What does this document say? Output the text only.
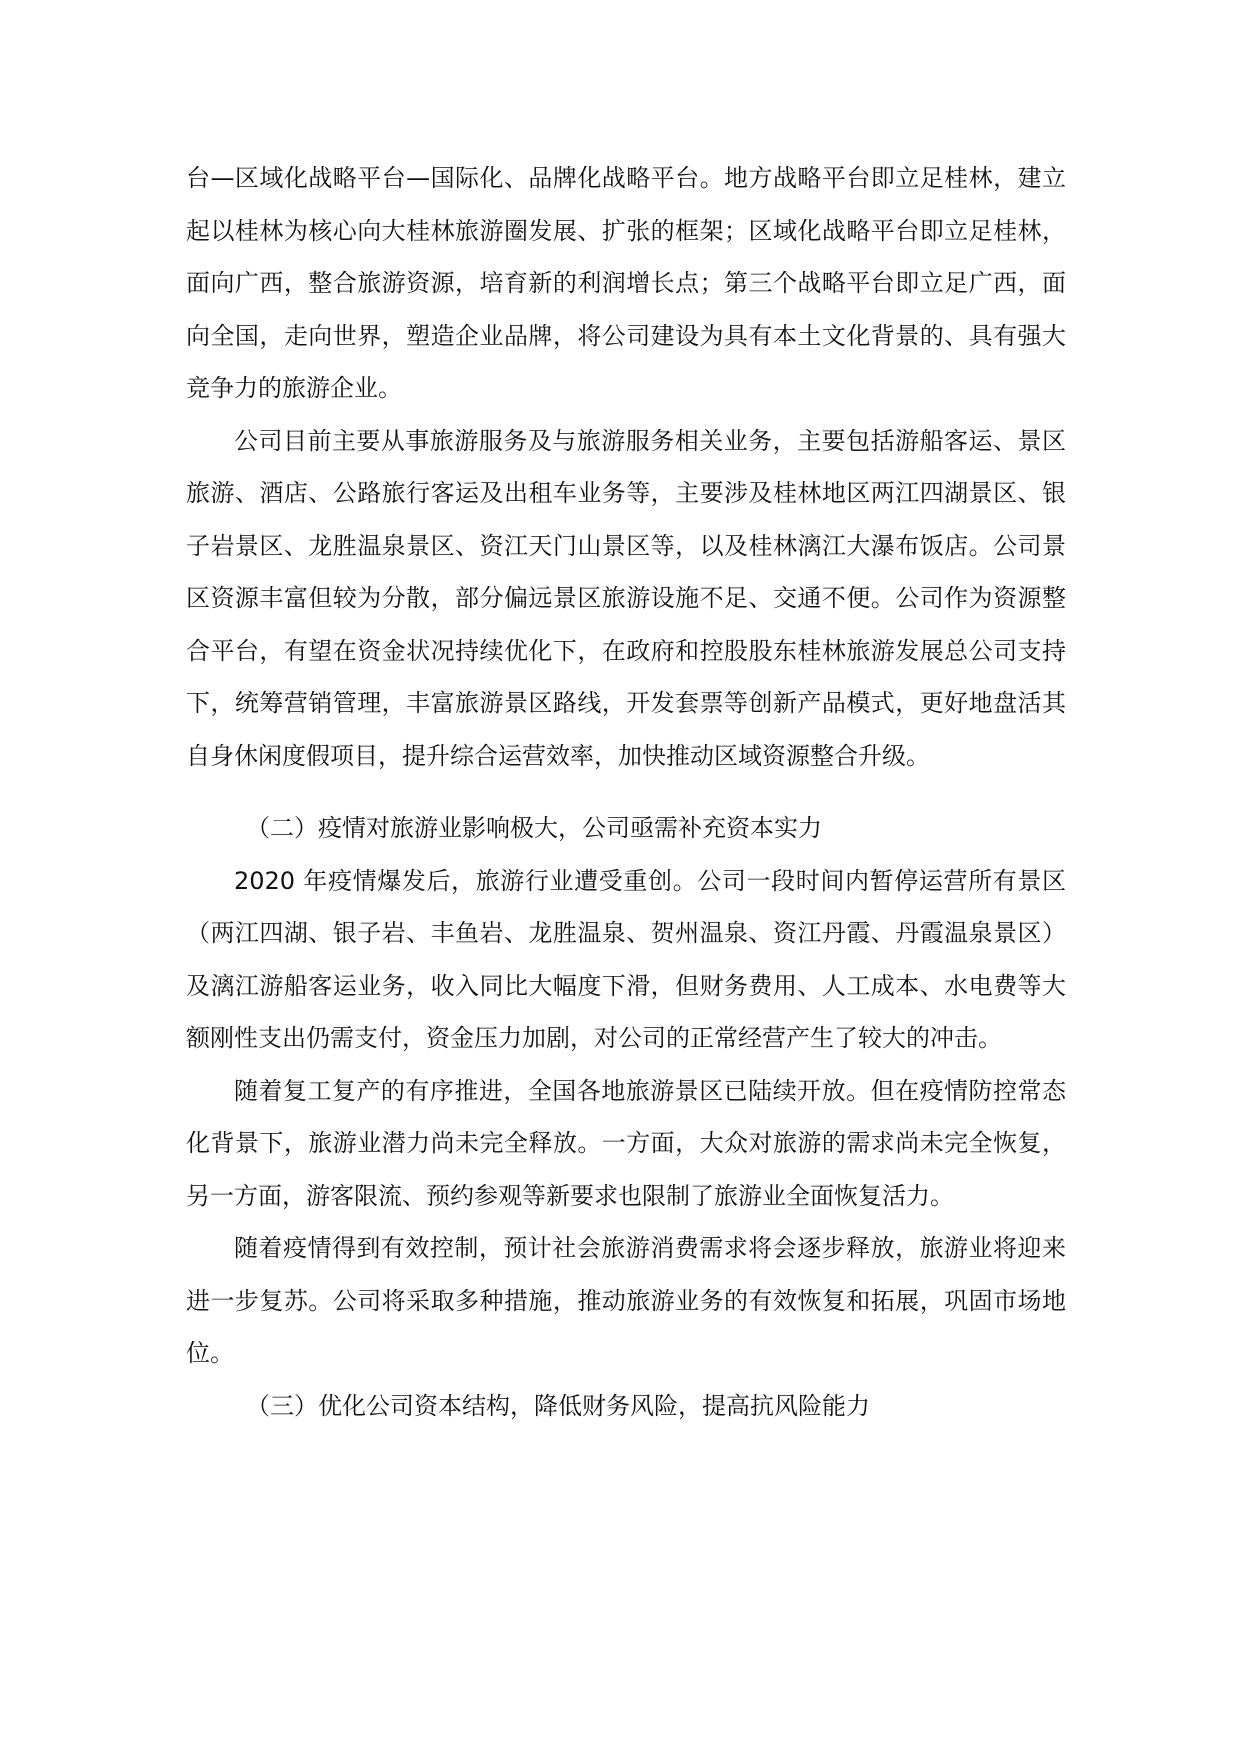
台—区域化战略平台—国际化、品牌化战略平台。地方战略平台即立足桂林，建立起以桂林为核心向大桂林旅游圈发展、扩张的框架；区域化战略平台即立足桂林，面向广西，整合旅游资源，培育新的利润增长点；第三个战略平台即立足广西，面向全国，走向世界，塑造企业品牌，将公司建设为具有本土文化背景的、具有强大竞争力的旅游企业。

公司目前主要从事旅游服务及与旅游服务相关业务，主要包括游船客运、景区旅游、酒店、公路旅行客运及出租车业务等，主要涉及桂林地区两江四湖景区、银子岩景区、龙胜温泉景区、资江天门山景区等，以及桂林漓江大瀑布饭店。公司景区资源丰富但较为分散，部分偏远景区旅游设施不足、交通不便。公司作为资源整合平台，有望在资金状况持续优化下，在政府和控股股东桂林旅游发展总公司支持下，统筹营销管理，丰富旅游景区路线，开发套票等创新产品模式，更好地盘活其自身休闲度假项目，提升综合运营效率，加快推动区域资源整合升级。

（二）疫情对旅游业影响极大，公司亟需补充资本实力

2020 年疫情爆发后，旅游行业遭受重创。公司一段时间内暂停运营所有景区（两江四湖、银子岩、丰鱼岩、龙胜温泉、贺州温泉、资江丹霞、丹霞温泉景区）及漓江游船客运业务，收入同比大幅度下滑，但财务费用、人工成本、水电费等大额刚性支出仍需支付，资金压力加剧，对公司的正常经营产生了较大的冲击。

随着复工复产的有序推进，全国各地旅游景区已陆续开放。但在疫情防控常态化背景下，旅游业潜力尚未完全释放。一方面，大众对旅游的需求尚未完全恢复，另一方面，游客限流、预约参观等新要求也限制了旅游业全面恢复活力。

随着疫情得到有效控制，预计社会旅游消费需求将会逐步释放，旅游业将迎来进一步复苏。公司将采取多种措施，推动旅游业务的有效恢复和拓展，巩固市场地位。

（三）优化公司资本结构，降低财务风险，提高抗风险能力
